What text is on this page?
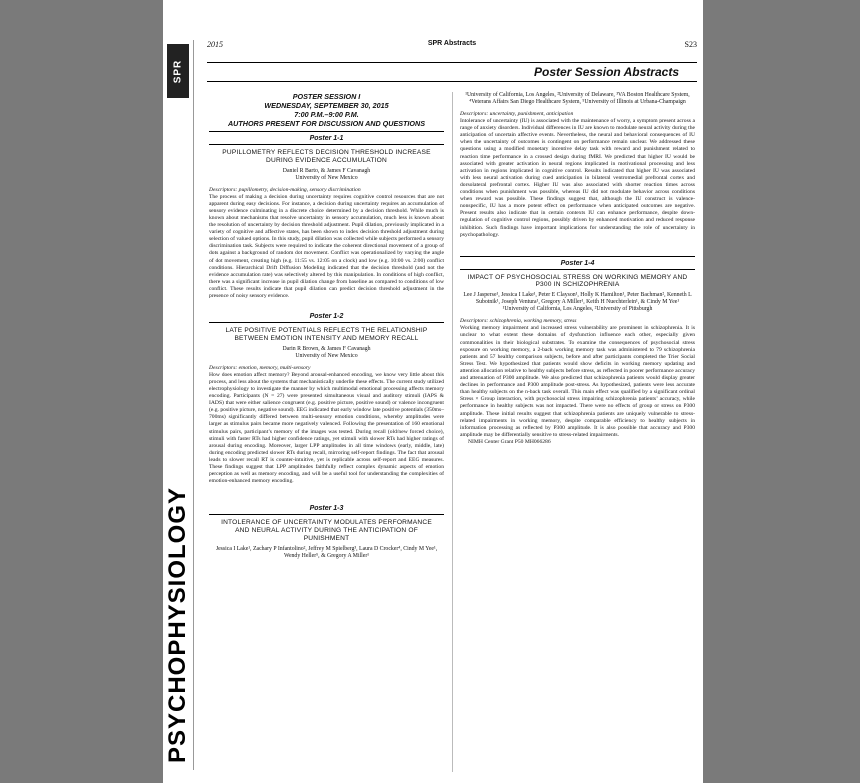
SPR
PSYCHOPHYSIOLOGY
2015	SPR Abstracts	S23
Poster Session Abstracts
POSTER SESSION I
WEDNESDAY, SEPTEMBER 30, 2015
7:00 P.M.–9:00 P.M.
AUTHORS PRESENT FOR DISCUSSION AND QUESTIONS
Poster 1-1
PUPILLOMETRY REFLECTS DECISION THRESHOLD INCREASE DURING EVIDENCE ACCUMULATION
Daniel R Barto, & James F Cavanagh
University of New Mexico
Descriptors: pupillometry, decision-making, sensory discrimination
The process of making a decision during uncertainty requires cognitive control resources that are not apparent during easy decisions. For instance, a decision during uncertainty requires an accumulation of sensory evidence culminating in a discrete choice determined by a decision threshold. While much is known about mechanisms that resolve uncertainty in sensory accumulation, much less is known about the resolution of uncertainty by decision threshold adjustment. Pupil dilation, previously implicated in a variety of cognitive and affective states, has been shown to index decision threshold adjustment during selection of valued options. In this study, pupil dilation was collected while subjects performed a sensory discrimination task. Subjects were required to indicate the coherent directional movement of a group of dots against a background of random dot movement. Conflict was operationalized by varying the angle of dot movement, creating high (e.g. 11:55 vs. 12:05 on a clock) and low (e.g. 10:00 vs. 2:00) conflict conditions. Hierarchical Drift Diffusion Modeling indicated that the decision threshold (and not the evidence accumulation rate) was selectively altered by this manipulation. In conditions of high conflict, there was a significant increase in pupil dilation change from baseline as compared to conditions of low conflict. These results indicate that pupil dilation can predict decision threshold adjustment in the presence of noisy sensory evidence.
Poster 1-2
LATE POSITIVE POTENTIALS REFLECTS THE RELATIONSHIP BETWEEN EMOTION INTENSITY AND MEMORY RECALL
Darin R Brown, & James F Cavanagh
University of New Mexico
Descriptors: emotion, memory, multi-sensory
How does emotion affect memory? Beyond arousal-enhanced encoding, we know very little about this process, and less about the systems that mechanistically underlie these effects. The current study utilized electrophysiology to investigate the manner by which multimodal emotional processing affects memory encoding. Participants (N = 27) were presented simultaneous visual and auditory stimuli (IAPS & IADS) that were either salience congruent (e.g. positive picture, positive sound) or valence incongruent (e.g. positive picture, negative sound). EEG indicated that early window late positive potentials (350ms–700ms) significantly differed between multi-sensory emotion conditions, whereby amplitudes were larger as stimulus pairs became more negatively valenced. Following the presentation of 160 emotional stimulus pairs, participant’s memory of the images was tested. During recall (old/new forced choice), stimuli with faster RTs had higher confidence ratings, yet stimuli with slower RTs had higher ratings of arousal during encoding. Moreover, larger LPP amplitudes in all time windows (early, middle, late) during encoding predicted slower RTs during recall, mirroring self-report findings. The fact that arousal leads to slower recall RT is counter-intuitive, yet is replicable across self-report and EEG measures. These findings suggest that LPP amplitudes faithfully reflect complex dynamic aspects of emotion perception as well as memory encoding, and will be a useful tool for understanding the complexities of emotion-enhanced memory encoding.
Poster 1-3
INTOLERANCE OF UNCERTAINTY MODULATES PERFORMANCE AND NEURAL ACTIVITY DURING THE ANTICIPATION OF PUNISHMENT
Jessica I Lake¹, Zachary P Infantolino², Jeffrey M Spielberg³, Laura D Crocker⁴, Cindy M Yee¹, Wendy Heller⁵, & Gregory A Miller¹
¹University of California, Los Angeles, ²University of Delaware, ³VA Boston Healthcare System, ⁴Veterans Affairs San Diego Healthcare System, ⁵University of Illinois at Urbana-Champaign
Descriptors: uncertainty, punishment, anticipation
Intolerance of uncertainty (IU) is associated with the maintenance of worry, a symptom present across a range of anxiety disorders. Individual differences in IU are known to modulate neural activity during the anticipation of uncertain affective events. Nevertheless, the neural and behavioral consequences of IU when the uncertainty of outcomes is contingent on performance remain unclear. We addressed these questions using a modified monetary incentive delay task with reward and punishment related to reaction time performance in a crossed design during fMRI. We predicted that higher IU would be associated with greater activation in neural regions implicated in motivational processing and less activation in regions implicated in cognitive control. Results indicated that higher IU was associated with less neural activation during cued anticipation in bilateral ventromedial prefrontal cortex and dorsolateral prefrontal cortex. Higher IU was also associated with shorter reaction times across conditions when punishment was possible, whereas IU did not modulate behavior across conditions when reward was possible. These findings suggest that, although the IU construct is valence-nonspecific, IU has a more potent effect on performance when anticipated outcomes are negative. Present results also indicate that in certain contexts IU can enhance performance, despite down-regulation of cognitive control regions, possibly driven by enhanced motivation and reduced response inhibition. Such findings have important implications for understanding the role of uncertainty in psychopathology.
Poster 1-4
IMPACT OF PSYCHOSOCIAL STRESS ON WORKING MEMORY AND P300 IN SCHIZOPHRENIA
Lee J Jasperse¹, Jessica I Lake¹, Peter E Clayson¹, Holly K Hamilton¹, Peter Bachman², Kenneth L Subotnik¹, Joseph Ventura¹, Gregory A Miller¹, Keith H Nuechterlein¹, & Cindy M Yee¹
¹University of California, Los Angeles, ²University of Pittsburgh
Descriptors: schizophrenia, working memory, stress
Working memory impairment and increased stress vulnerability are prominent in schizophrenia. It is unclear to what extent these domains of dysfunction influence each other, especially given commonalities in their biological substrates. To examine the consequences of psychosocial stress exposure on working memory, a 2-back working memory task was administered to 79 schizophrenia patients and 57 healthy comparison subjects, before and after participants completed the Trier Social Stress Test. We hypothesized that patients would show deficits in working memory updating and attention allocation relative to healthy subjects before stress, as reflected in poorer performance accuracy and attenuation of P300 amplitude. We also predicted that schizophrenia patients would display greater declines in performance and P300 amplitude post-stress. As hypothesized, patients were less accurate than healthy subjects on the n-back task overall. This main effect was qualified by a significant ordinal Stress × Group interaction, with psychosocial stress impairing schizophrenia patients’ accuracy, while performance in healthy subjects was not impacted. There were no effects of group or stress on P300 amplitude. These initial results suggest that schizophrenia patients are uniquely vulnerable to stress-related impairments in working memory, despite comparable efficiency to healthy subjects in information processing as reflected by P300 amplitude. It is also possible that accuracy and P300 amplitude may be differentially sensitive to stress-related impairments.
NIMH Center Grant P50 MH066286
